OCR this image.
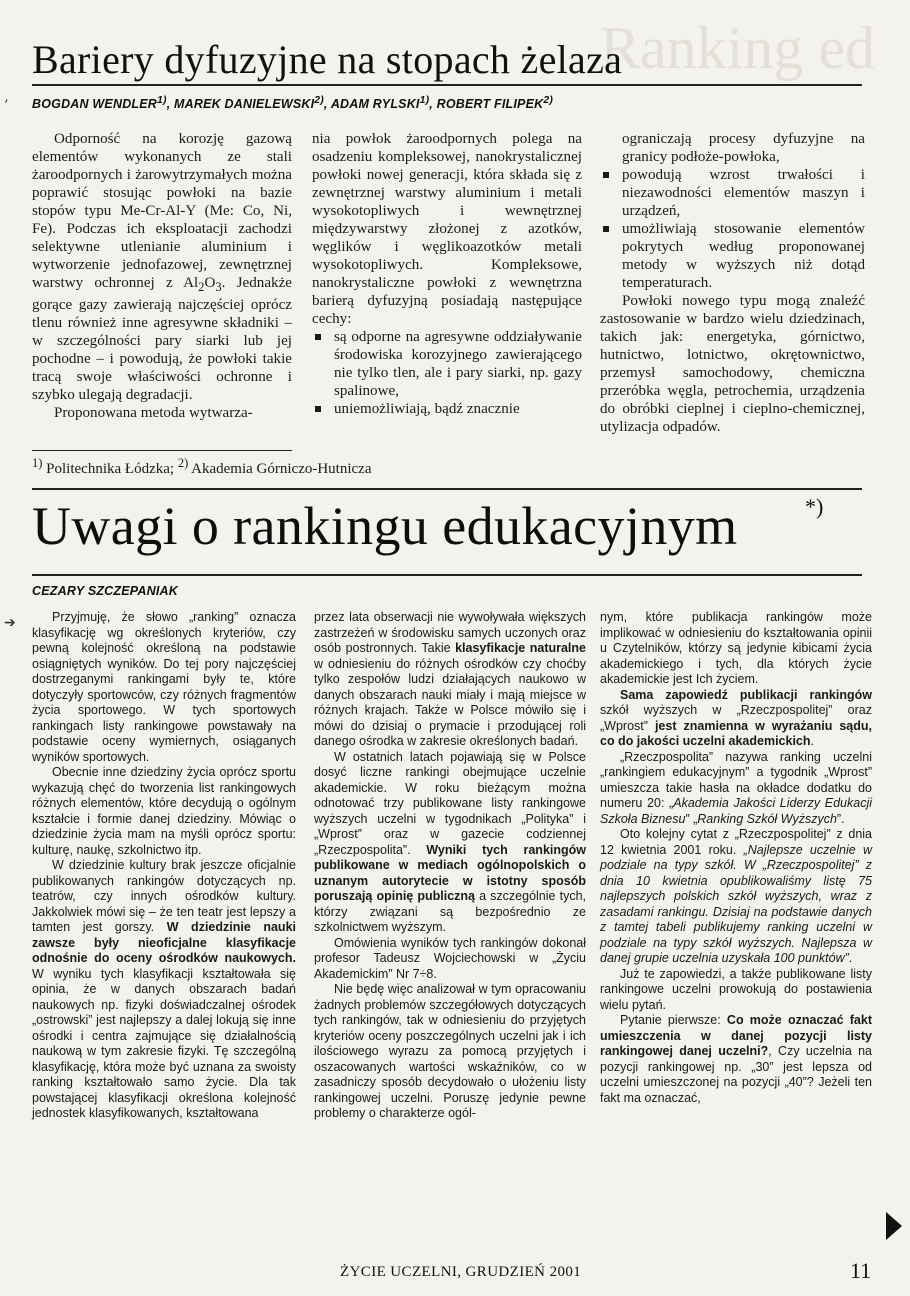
Ranking ed
Bariery dyfuzyjne na stopach żelaza
BOGDAN WENDLER$^{1)}$, MAREK DANIELEWSKI$^{2)}$, ADAM RYLSKI$^{1)}$, ROBERT FILIPEK$^{2)}$
’

Odporność na korozję gazową elementów wykonanych ze stali żaroodpornych i żarowytrzymałych można poprawić stosując powłoki na bazie stopów typu Me-Cr-Al-Y (Me: Co, Ni, Fe). Podczas ich eksploatacji zachodzi selektywne utlenianie aluminium i wytworzenie jednofazowej, zewnętrznej warstwy ochronnej z $Al_2O_3$. Jednakże gorące gazy zawierają najczęściej oprócz tlenu również inne agresywne składniki – w szczególności pary siarki lub jej pochodne – i powodują, że powłoki takie tracą swoje właściwości ochronne i szybko ulegają degradacji.

Proponowana metoda wytwarza-

nia powłok żaroodpornych polega na osadzeniu kompleksowej, nanokrystalicznej powłoki nowej generacji, która składa się z zewnętrznej warstwy aluminium i metali wysokotopliwych i wewnętrznej międzywarstwy złożonej z azotków, węglików i węglikoazotków metali wysokotopliwych. Kompleksowe, nanokrystaliczne powłoki z wewnętrzna barierą dyfuzyjną posiadają następujące cechy:

są odporne na agresywne oddziaływanie środowiska korozyjnego zawierającego nie tylko tlen, ale i pary siarki, np. gazy spalinowe,
uniemożliwiają, bądź znacznie

ograniczają procesy dyfuzyjne na granicy podłoże-powłoka,

powodują wzrost trwałości i niezawodności elementów maszyn i urządzeń,
umożliwiają stosowanie elementów pokrytych według proponowanej metody w wyższych niż dotąd temperaturach.

Powłoki nowego typu mogą znaleźć zastosowanie w bardzo wielu dziedzinach, takich jak: energetyka, górnictwo, hutnictwo, lotnictwo, okrętownictwo, przemysł samochodowy, chemiczna przeróbka węgla, petrochemia, urządzenia do obróbki cieplnej i cieplno-chemicznej, utylizacja odpadów.

$^{1)}$ Politechnika Łódzka; $^{2)}$ Akademia Górniczo-Hutnicza
Uwagi o rankingu edukacyjnym	*)
CEZARY SZCZEPANIAK
➔	Przyjmuję, że słowo „ranking” oznacza klasyfikację wg określonych kryteriów, czy pewną kolejność określoną na podstawie osiągniętych wyników. Do tej pory najczęściej dostrzeganymi rankingami były te, które dotyczyły sportowców, czy różnych fragmentów życia sportowego. W tych sportowych rankingach listy rankingowe powstawały na podstawie oceny wymiernych, osiąganych wyników sportowych.

Obecnie inne dziedziny życia oprócz sportu wykazują chęć do tworzenia list rankingowych różnych elementów, które decydują o ogólnym kształcie i formie danej dziedziny. Mówiąc o dziedzinie życia mam na myśli oprócz sportu: kulturę, naukę, szkolnictwo itp.

W dziedzinie kultury brak jeszcze oficjalnie publikowanych rankingów dotyczących np. teatrów, czy innych ośrodków kultury. Jakkolwiek mówi się – że ten teatr jest lepszy a tamten jest gorszy. W dziedzinie nauki zawsze były nieoficjalne klasyfikacje odnośnie do oceny ośrodków naukowych. W wyniku tych klasyfikacji kształtowała się opinia, że w danych obszarach badań naukowych np. fizyki doświadczalnej ośrodek „ostrowski” jest najlepszy a dalej lokują się inne ośrodki i centra zajmujące się działalnością naukową w tym zakresie fizyki. Tę szczególną klasyfikację, która może być uznana za swoisty ranking kształtowało samo życie. Dla tak powstającej klasyfikacji określona kolejność jednostek klasyfikowanych, kształtowana

przez lata obserwacji nie wywoływała większych zastrzeżeń w środowisku samych uczonych oraz osób postronnych. Takie klasyfikacje naturalne w odniesieniu do różnych ośrodków czy choćby tylko zespołów ludzi działających naukowo w danych obszarach nauki miały i mają miejsce w różnych krajach. Także w Polsce mówiło się i mówi do dzisiaj o prymacie i przodującej roli danego ośrodka w zakresie określonych badań.

W ostatnich latach pojawiają się w Polsce dosyć liczne rankingi obejmujące uczelnie akademickie. W roku bieżącym można odnotować trzy publikowane listy rankingowe wyższych uczelni w tygodnikach „Polityka” i „Wprost” oraz w gazecie codziennej „Rzeczpospolita”. Wyniki tych rankingów publikowane w mediach ogólnopolskich o uznanym autorytecie w istotny sposób poruszają opinię publiczną a szczególnie tych, którzy związani są bezpośrednio ze szkolnictwem wyższym.

Omówienia wyników tych rankingów dokonał profesor Tadeusz Wojciechowski w „Życiu Akademickim” Nr 7÷8.

Nie będę więc analizował w tym opracowaniu żadnych problemów szczegółowych dotyczących tych rankingów, tak w odniesieniu do przyjętych kryteriów oceny poszczególnych uczelni jak i ich ilościowego wyrazu za pomocą przyjętych i oszacowanych wartości wskaźników, co w zasadniczy sposób decydowało o ułożeniu listy rankingowej uczelni. Poruszę jedynie pewne problemy o charakterze ogól-

nym, które publikacja rankingów może implikować w odniesieniu do kształtowania opinii u Czytelników, którzy są jedynie kibicami życia akademickiego i tych, dla których życie akademickie jest Ich życiem.

Sama zapowiedź publikacji rankingów szkół wyższych w „Rzeczpospolitej” oraz „Wprost” jest znamienna w wyrażaniu sądu, co do jakości uczelni akademickich.

„Rzeczpospolita” nazywa ranking uczelni „rankingiem edukacyjnym” a tygodnik „Wprost” umieszcza takie hasła na okładce dodatku do numeru 20: „Akademia Jakości Liderzy Edukacji Szkoła Biznesu” „Ranking Szkół Wyższych”.

Oto kolejny cytat z „Rzeczpospolitej” z dnia 12 kwietnia 2001 roku. „Najlepsze uczelnie w podziale na typy szkół. W „Rzeczpospolitej” z dnia 10 kwietnia opublikowaliśmy listę 75 najlepszych polskich szkół wyższych, wraz z zasadami rankingu. Dzisiaj na podstawie danych z tamtej tabeli publikujemy ranking uczelni w podziale na typy szkół wyższych. Najlepsza w danej grupie uczelnia uzyskała 100 punktów”.

Już te zapowiedzi, a także publikowane listy rankingowe uczelni prowokują do postawienia wielu pytań.

Pytanie pierwsze: Co może oznaczać fakt umieszczenia w danej pozycji listy rankingowej danej uczelni?, Czy uczelnia na pozycji rankingowej np. „30” jest lepsza od uczelni umieszczonej na pozycji „40”? Jeżeli ten fakt ma oznaczać,

ŻYCIE UCZELNI, GRUDZIEŃ 2001	11
